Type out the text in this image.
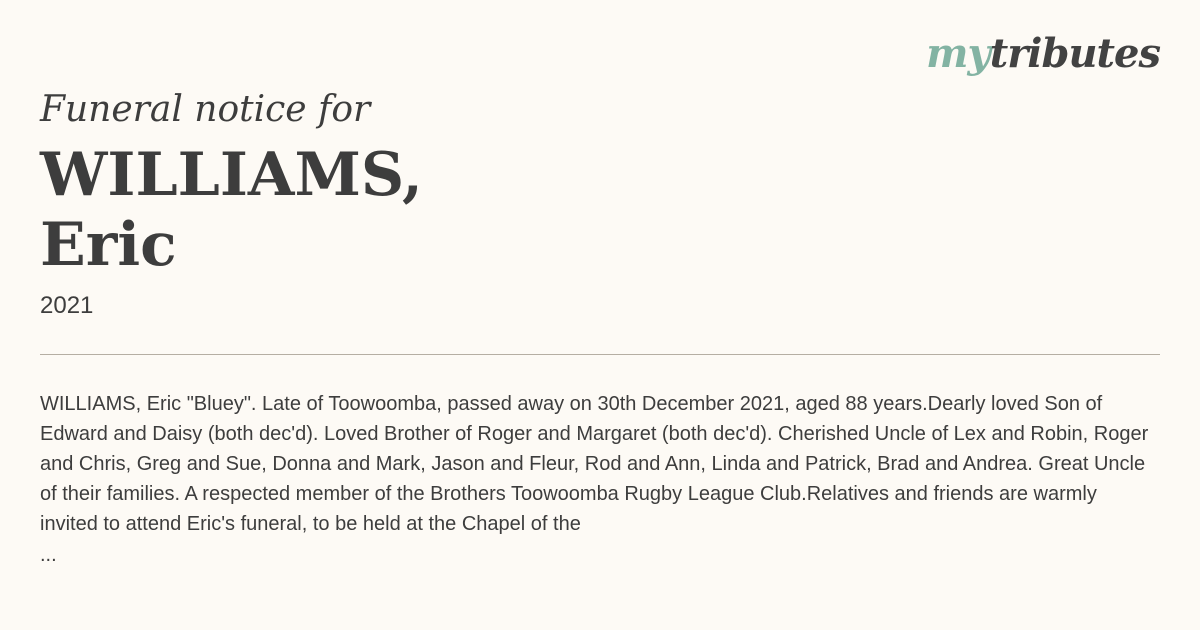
mytributes
Funeral notice for
WILLIAMS,
Eric
2021

WILLIAMS, Eric "Bluey". Late of Toowoomba, passed away on 30th December 2021, aged 88 years.Dearly loved Son of Edward and Daisy (both dec'd). Loved Brother of Roger and Margaret (both dec'd). Cherished Uncle of Lex and Robin, Roger and Chris, Greg and Sue, Donna and Mark, Jason and Fleur, Rod and Ann, Linda and Patrick, Brad and Andrea. Great Uncle of their families. A respected member of the Brothers Toowoomba Rugby League Club.Relatives and friends are warmly invited to attend Eric's funeral, to be held at the Chapel of the

...
